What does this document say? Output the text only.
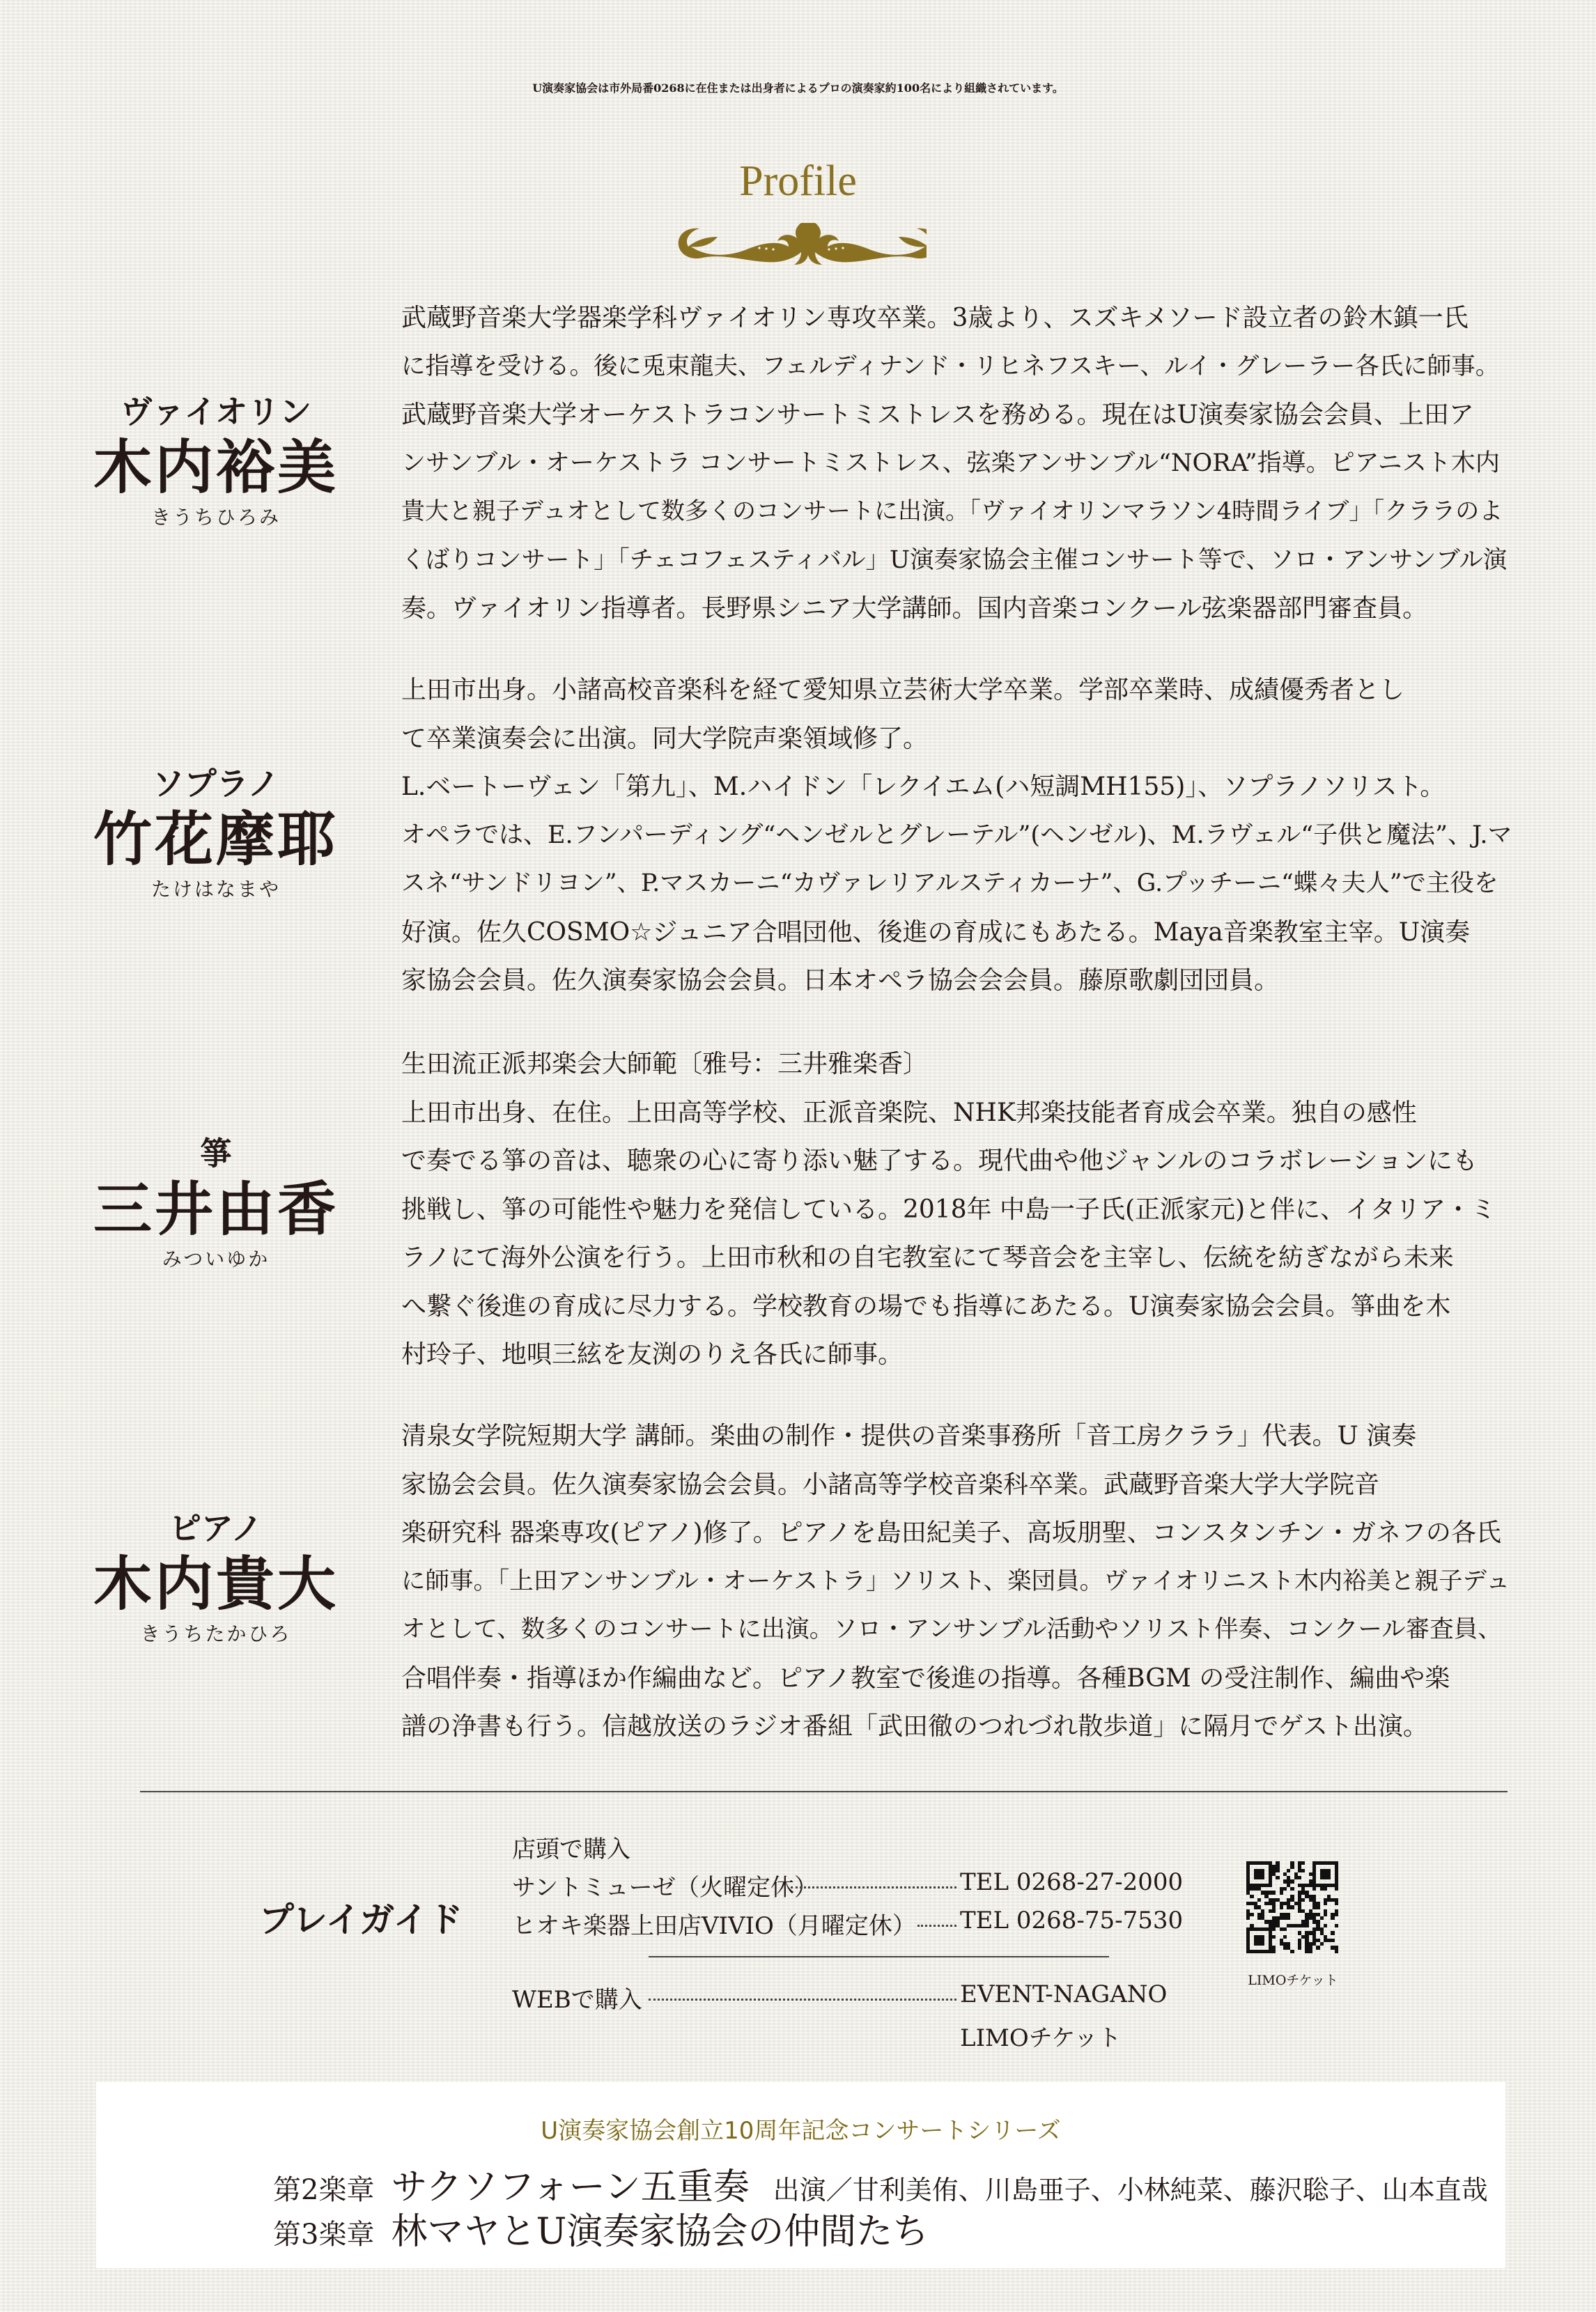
U演奏家協会は市外局番0268に在住または出身者によるプロの演奏家約100名により組織されています。
Profile
ヴァイオリン
木内裕美
きうちひろみ
武蔵野音楽大学器楽学科ヴァイオリン専攻卒業。3歳より、スズキメソード設立者の鈴木鎮一氏
に指導を受ける。後に兎束龍夫、フェルディナンド・リヒネフスキー、ルイ・グレーラー各氏に師事。
武蔵野音楽大学オーケストラコンサートミストレスを務める。現在はU演奏家協会会員、上田ア
ンサンブル・オーケストラ コンサートミストレス、弦楽アンサンブル“NORA”指導。ピアニスト木内
貴大と親子デュオとして数多くのコンサートに出演。「ヴァイオリンマラソン4時間ライブ」「クララのよ
くばりコンサート」「チェコフェスティバル」U演奏家協会主催コンサート等で、ソロ・アンサンブル演
奏。ヴァイオリン指導者。長野県シニア大学講師。国内音楽コンクール弦楽器部門審査員。
ソプラノ
竹花摩耶
たけはなまや
上田市出身。小諸高校音楽科を経て愛知県立芸術大学卒業。学部卒業時、成績優秀者とし
て卒業演奏会に出演。同大学院声楽領域修了。
L.ベートーヴェン「第九」、M.ハイドン「レクイエム(ハ短調MH155)」、ソプラノソリスト。
オペラでは、E.フンパーディング“ヘンゼルとグレーテル”(ヘンゼル)、M.ラヴェル“子供と魔法”、J.マ
スネ“サンドリヨン”、P.マスカーニ“カヴァレリアルスティカーナ”、G.プッチーニ“蝶々夫人”で主役を
好演。佐久COSMO☆ジュニア合唱団他、後進の育成にもあたる。Maya音楽教室主宰。U演奏
家協会会員。佐久演奏家協会会員。日本オペラ協会会会員。藤原歌劇団団員。
箏
三井由香
みついゆか
生田流正派邦楽会大師範〔雅号：三井雅楽香〕
上田市出身、在住。上田高等学校、正派音楽院、NHK邦楽技能者育成会卒業。独自の感性
で奏でる箏の音は、聴衆の心に寄り添い魅了する。現代曲や他ジャンルのコラボレーションにも
挑戦し、箏の可能性や魅力を発信している。2018年 中島一子氏(正派家元)と伴に、イタリア・ミ
ラノにて海外公演を行う。上田市秋和の自宅教室にて琴音会を主宰し、伝統を紡ぎながら未来
へ繋ぐ後進の育成に尽力する。学校教育の場でも指導にあたる。U演奏家協会会員。箏曲を木
村玲子、地唄三絃を友渕のりえ各氏に師事。
ピアノ
木内貴大
きうちたかひろ
清泉女学院短期大学 講師。楽曲の制作・提供の音楽事務所「音工房クララ」代表。U 演奏
家協会会員。佐久演奏家協会会員。小諸高等学校音楽科卒業。武蔵野音楽大学大学院音
楽研究科 器楽専攻(ピアノ)修了。ピアノを島田紀美子、高坂朋聖、コンスタンチン・ガネフの各氏
に師事。「上田アンサンブル・オーケストラ」ソリスト、楽団員。ヴァイオリニスト木内裕美と親子デュ
オとして、数多くのコンサートに出演。ソロ・アンサンブル活動やソリスト伴奏、コンクール審査員、
合唱伴奏・指導ほか作編曲など。ピアノ教室で後進の指導。各種BGM の受注制作、編曲や楽
譜の浄書も行う。信越放送のラジオ番組「武田徹のつれづれ散歩道」に隔月でゲスト出演。
プレイガイド
店頭で購入
サントミューゼ（火曜定休）	TEL 0268-27-2000
ヒオキ楽器上田店VIVIO（月曜定休） TEL 0268-75-7530
WEBで購入	EVENT-NAGANO
LIMOチケット
LIMOチケット
U演奏家協会創立10周年記念コンサートシリーズ
第2楽章 サクソフォーン五重奏 出演／甘利美侑、川島亜子、小林純菜、藤沢聡子、山本直哉
第3楽章 林マヤとU演奏家協会の仲間たち
